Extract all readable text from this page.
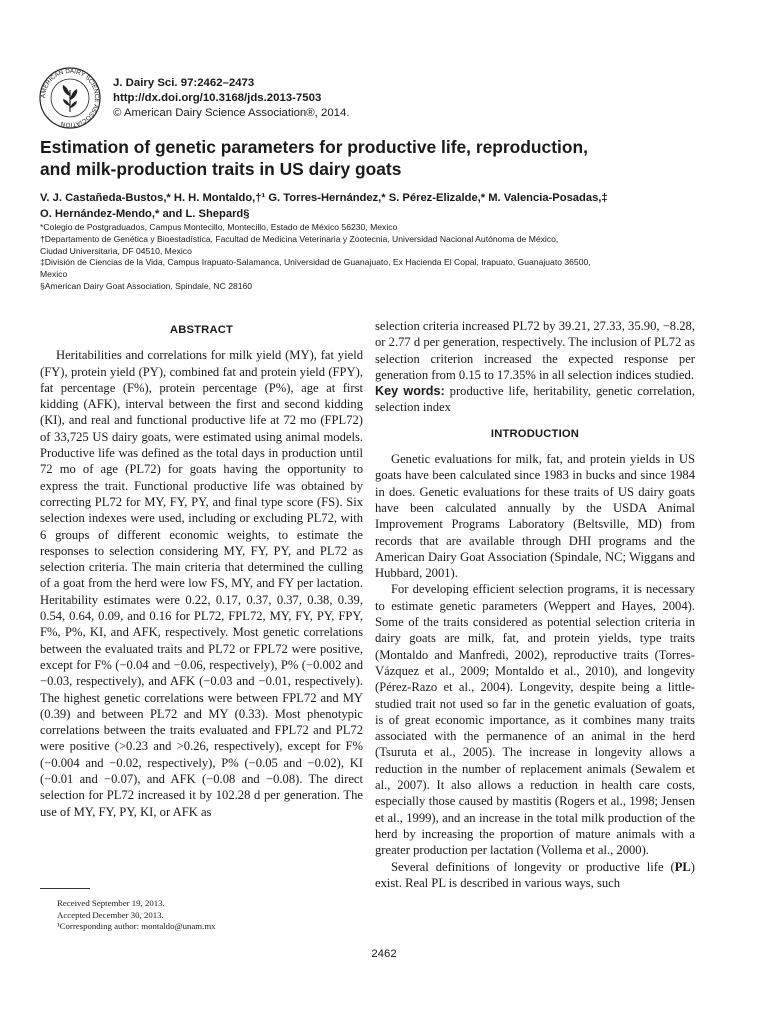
AMERICAN DAIRY SCIENCE ASSOCIATION
J. Dairy Sci. 97:2462–2473
http://dx.doi.org/10.3168/jds.2013-7503
© American Dairy Science Association®, 2014.
Estimation of genetic parameters for productive life, reproduction,
and milk-production traits in US dairy goats
V. J. Castañeda-Bustos,* H. H. Montaldo,†¹ G. Torres-Hernández,* S. Pérez-Elizalde,* M. Valencia-Posadas,‡
O. Hernández-Mendo,* and L. Shepard§
*Colegio de Postgraduados, Campus Montecillo, Montecillo, Estado de México 56230, Mexico
†Departamento de Genética y Bioestadística, Facultad de Medicina Veterinaria y Zootecnia, Universidad Nacional Autónoma de México,
Ciudad Universitaria, DF 04510, Mexico
‡División de Ciencias de la Vida, Campus Irapuato-Salamanca, Universidad de Guanajuato, Ex Hacienda El Copal, Irapuato, Guanajuato 36500,
Mexico
§American Dairy Goat Association, Spindale, NC 28160
ABSTRACT

Heritabilities and correlations for milk yield (MY), fat yield (FY), protein yield (PY), combined fat and protein yield (FPY), fat percentage (F%), protein percentage (P%), age at first kidding (AFK), interval between the first and second kidding (KI), and real and functional productive life at 72 mo (FPL72) of 33,725 US dairy goats, were estimated using animal models. Productive life was defined as the total days in production until 72 mo of age (PL72) for goats having the opportunity to express the trait. Functional productive life was obtained by correcting PL72 for MY, FY, PY, and final type score (FS). Six selection indexes were used, including or excluding PL72, with 6 groups of different economic weights, to estimate the responses to selection considering MY, FY, PY, and PL72 as selection criteria. The main criteria that determined the culling of a goat from the herd were low FS, MY, and FY per lactation. Heritability estimates were 0.22, 0.17, 0.37, 0.37, 0.38, 0.39, 0.54, 0.64, 0.09, and 0.16 for PL72, FPL72, MY, FY, PY, FPY, F%, P%, KI, and AFK, respectively. Most genetic correlations between the evaluated traits and PL72 or FPL72 were positive, except for F% (−0.04 and −0.06, respectively), P% (−0.002 and −0.03, respectively), and AFK (−0.03 and −0.01, respectively). The highest genetic correlations were between FPL72 and MY (0.39) and between PL72 and MY (0.33). Most phenotypic correlations between the traits evaluated and FPL72 and PL72 were positive (>0.23 and >0.26, respectively), except for F% (−0.004 and −0.02, respectively), P% (−0.05 and −0.02), KI (−0.01 and −0.07), and AFK (−0.08 and −0.08). The direct selection for PL72 increased it by 102.28 d per generation. The use of MY, FY, PY, KI, or AFK as

selection criteria increased PL72 by 39.21, 27.33, 35.90, −8.28, or 2.77 d per generation, respectively. The inclusion of PL72 as selection criterion increased the expected response per generation from 0.15 to 17.35% in all selection indices studied.

Key words: productive life, heritability, genetic correlation, selection index

INTRODUCTION

Genetic evaluations for milk, fat, and protein yields in US goats have been calculated since 1983 in bucks and since 1984 in does. Genetic evaluations for these traits of US dairy goats have been calculated annually by the USDA Animal Improvement Programs Laboratory (Beltsville, MD) from records that are available through DHI programs and the American Dairy Goat Association (Spindale, NC; Wiggans and Hubbard, 2001).

For developing efficient selection programs, it is necessary to estimate genetic parameters (Weppert and Hayes, 2004). Some of the traits considered as potential selection criteria in dairy goats are milk, fat, and protein yields, type traits (Montaldo and Manfredi, 2002), reproductive traits (Torres-Vázquez et al., 2009; Montaldo et al., 2010), and longevity (Pérez-Razo et al., 2004). Longevity, despite being a little-studied trait not used so far in the genetic evaluation of goats, is of great economic importance, as it combines many traits associated with the permanence of an animal in the herd (Tsuruta et al., 2005). The increase in longevity allows a reduction in the number of replacement animals (Sewalem et al., 2007). It also allows a reduction in health care costs, especially those caused by mastitis (Rogers et al., 1998; Jensen et al., 1999), and an increase in the total milk production of the herd by increasing the proportion of mature animals with a greater production per lactation (Vollema et al., 2000).

Several definitions of longevity or productive life (PL) exist. Real PL is described in various ways, such

Received September 19, 2013.
Accepted December 30, 2013.
¹Corresponding author: montaldo@unam.mx
2462
